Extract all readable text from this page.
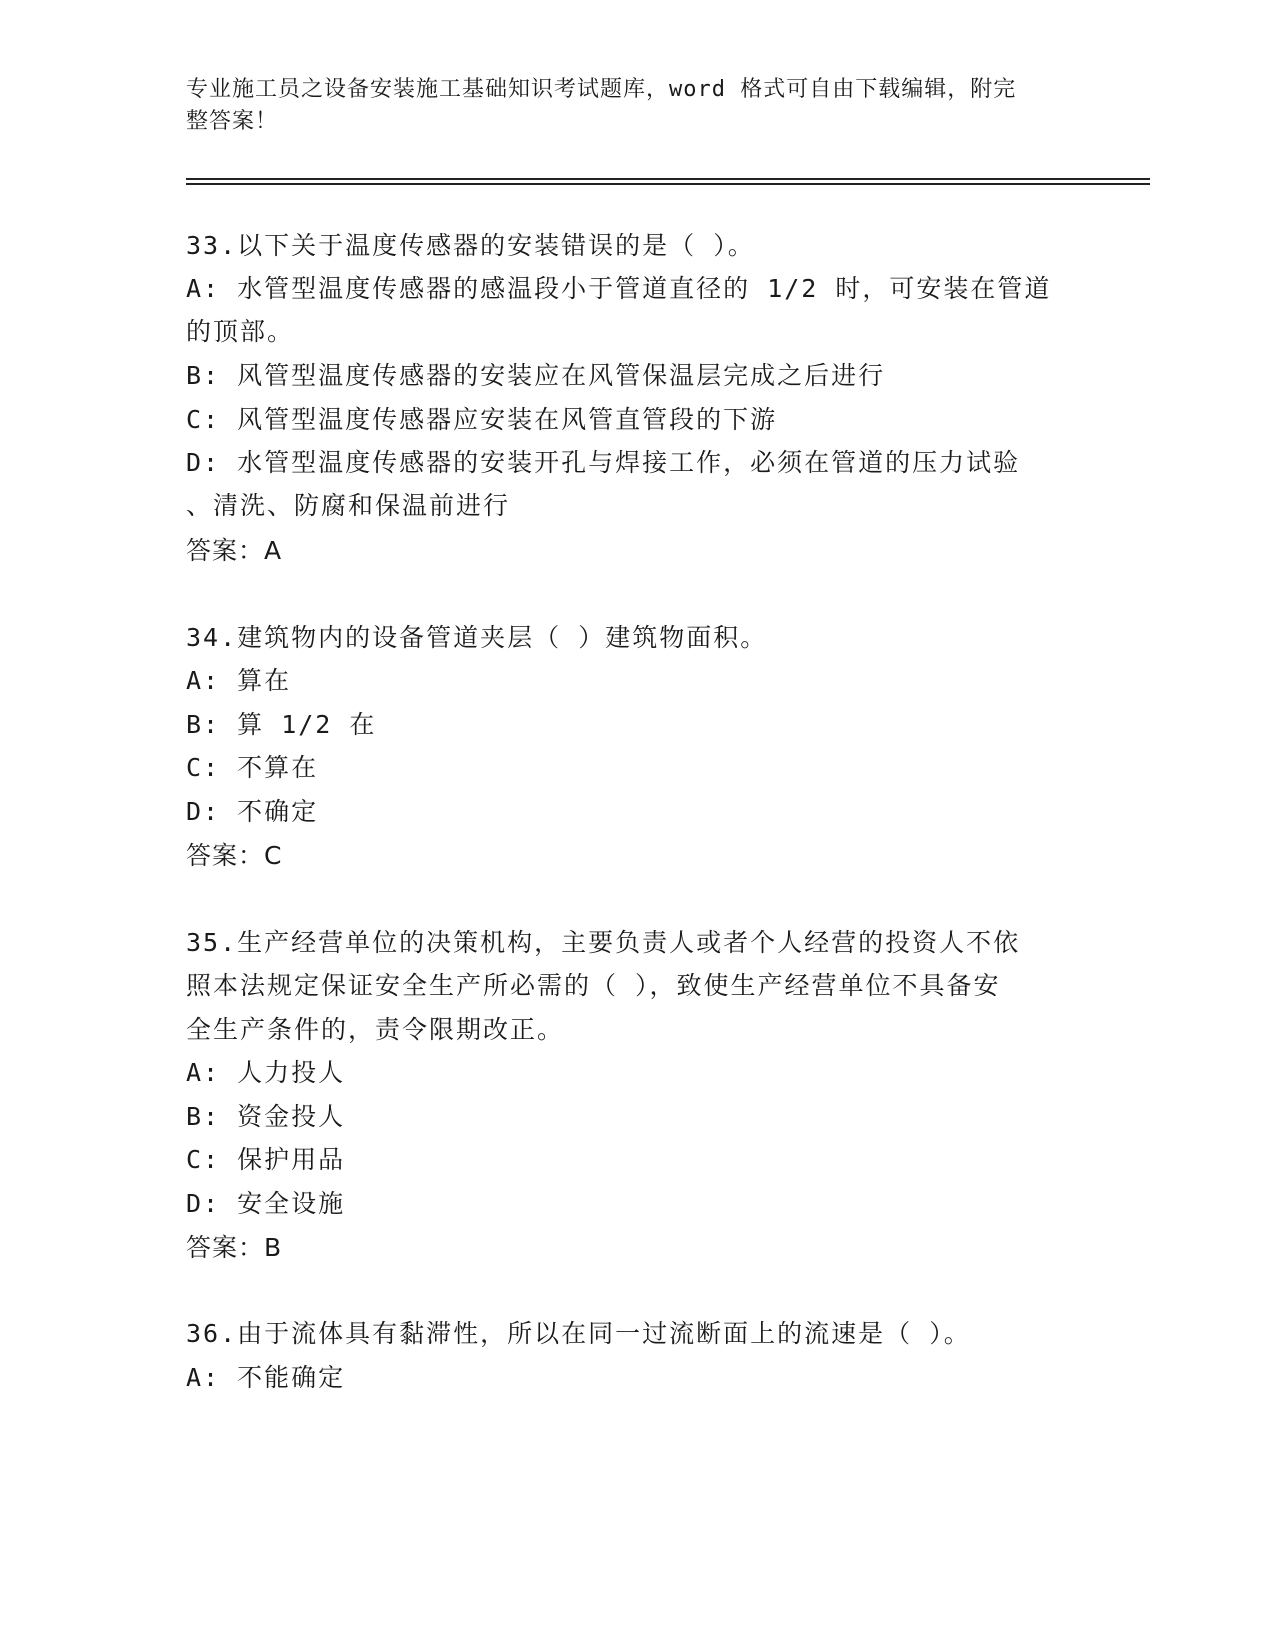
专业施工员之设备安装施工基础知识考试题库，word 格式可自由下载编辑，附完
整答案！
33.以下关于温度传感器的安装错误的是（ ）。
A: 水管型温度传感器的感温段小于管道直径的 1/2 时，可安装在管道
的顶部。
B: 风管型温度传感器的安装应在风管保温层完成之后进行
C: 风管型温度传感器应安装在风管直管段的下游
D: 水管型温度传感器的安装开孔与焊接工作，必须在管道的压力试验
、清洗、防腐和保温前进行
答案：A
34.建筑物内的设备管道夹层（ ）建筑物面积。
A: 算在
B: 算 1/2 在
C: 不算在
D: 不确定
答案：C
35.生产经营单位的决策机构，主要负责人或者个人经营的投资人不依
照本法规定保证安全生产所必需的（ ），致使生产经营单位不具备安
全生产条件的，责令限期改正。
A: 人力投人
B: 资金投人
C: 保护用品
D: 安全设施
答案：B
36.由于流体具有黏滞性，所以在同一过流断面上的流速是（ ）。
A: 不能确定
